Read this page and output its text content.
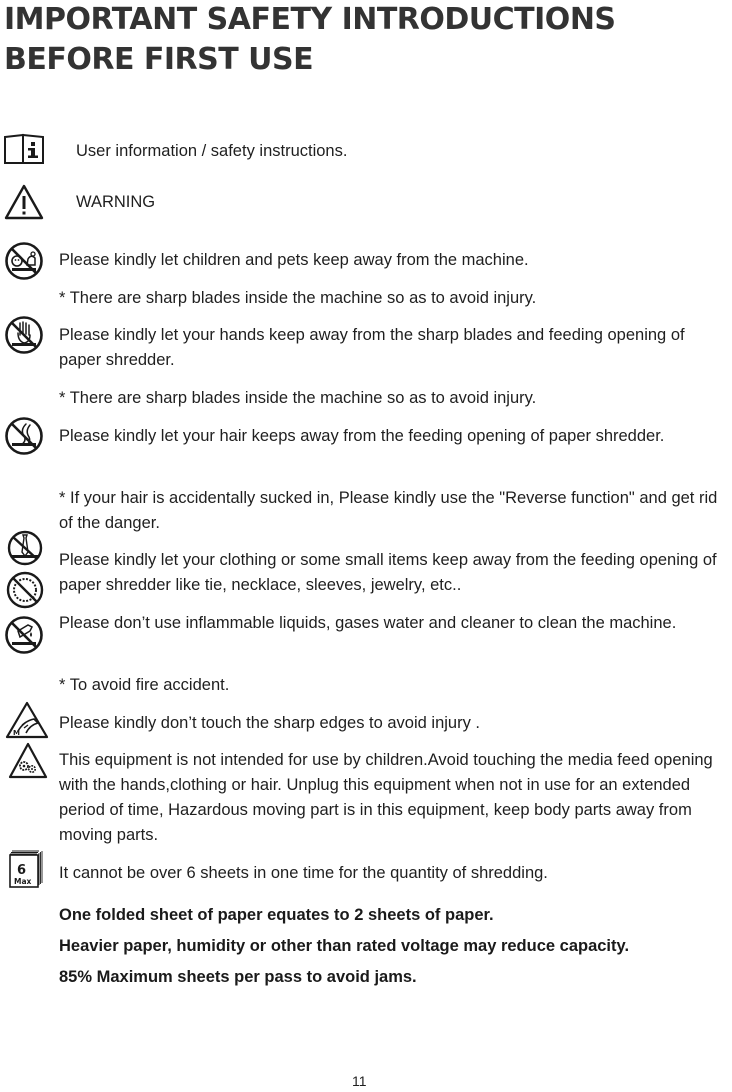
IMPORTANT SAFETY INTRODUCTIONS
BEFORE FIRST USE

User information / safety instructions.

WARNING

Please kindly let children and pets keep away from the machine.

* There are sharp blades inside the machine so as to avoid injury.

Please kindly let your hands keep away from the sharp blades and feeding opening of paper shredder.

* There are sharp blades inside the machine so as to avoid injury.

Please kindly let your hair keeps away from the feeding opening of paper shredder.

* If your hair is accidentally sucked in, Please kindly use the "Reverse function" and get rid of the danger.

Please kindly let your clothing or some small items keep away from the feeding opening of paper shredder like tie, necklace, sleeves, jewelry, etc..

Please don’t use inflammable liquids, gases water and cleaner to clean the machine.

* To avoid fire accident.

M

Please kindly don’t touch the sharp edges to avoid injury .

This equipment is not intended for use by children.Avoid touching the media feed opening with the hands,clothing or hair. Unplug this equipment when not in use for an extended period of time, Hazardous moving part is in this equipment, keep body parts away from moving parts.

6
Max It cannot be over 6 sheets in one time for the quantity of shredding.

One folded sheet of paper equates to 2 sheets of paper.

Heavier paper, humidity or other than rated voltage may reduce capacity.

85% Maximum sheets per pass to avoid jams.

11
